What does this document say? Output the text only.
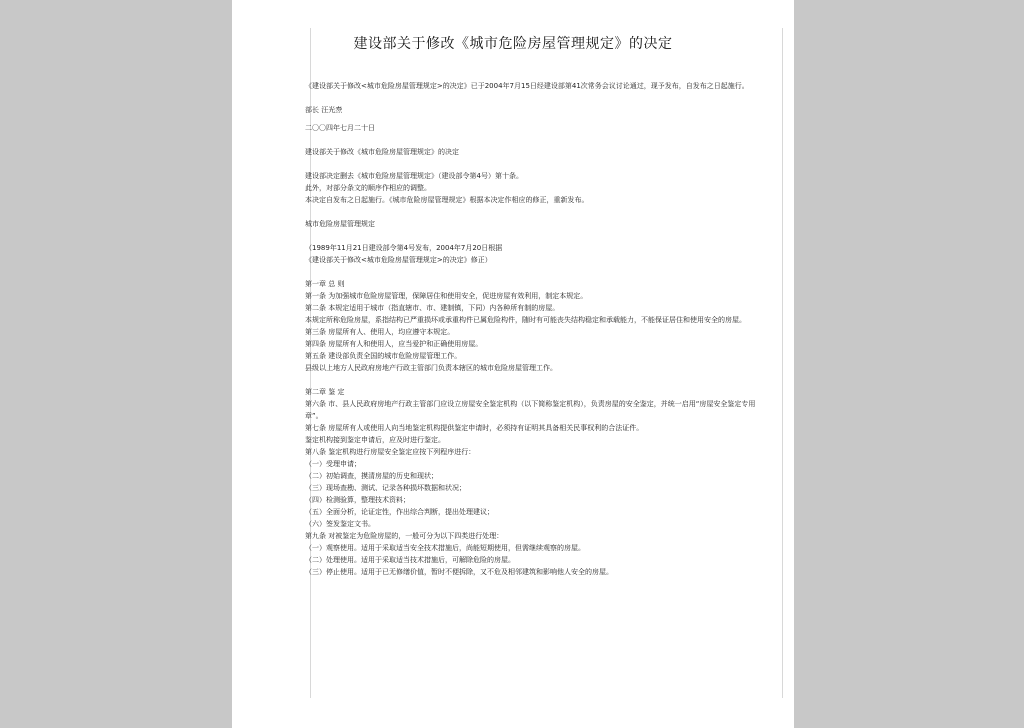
建设部关于修改《城市危险房屋管理规定》的决定

《建设部关于修改<城市危险房屋管理规定>的决定》已于2004年7月15日经建设部第41次常务会议讨论通过，现予发布，自发布之日起施行。

部长 汪光焘

二〇〇四年七月二十日

建设部关于修改《城市危险房屋管理规定》的决定

建设部决定删去《城市危险房屋管理规定》（建设部令第4号）第十条。

此外，对部分条文的顺序作相应的调整。

本决定自发布之日起施行。《城市危险房屋管理规定》根据本决定作相应的修正，重新发布。

城市危险房屋管理规定

（1989年11月21日建设部令第4号发布，2004年7月20日根据

《建设部关于修改<城市危险房屋管理规定>的决定》修正）

第一章 总 则

第一条 为加强城市危险房屋管理，保障居住和使用安全，促进房屋有效利用，制定本规定。

第二条 本规定适用于城市（指直辖市、市、建制镇，下同）内各种所有制的房屋。

本规定所称危险房屋，系指结构已严重损坏或承重构件已属危险构件，随时有可能丧失结构稳定和承载能力，不能保证居住和使用安全的房屋。

第三条 房屋所有人、使用人，均应遵守本规定。

第四条 房屋所有人和使用人，应当爱护和正确使用房屋。

第五条 建设部负责全国的城市危险房屋管理工作。

县级以上地方人民政府房地产行政主管部门负责本辖区的城市危险房屋管理工作。

第二章 鉴 定

第六条 市、县人民政府房地产行政主管部门应设立房屋安全鉴定机构（以下简称鉴定机构），负责房屋的安全鉴定，并统一启用“房屋安全鉴定专用章”。

第七条 房屋所有人或使用人向当地鉴定机构提供鉴定申请时，必须持有证明其具备相关民事权利的合法证件。

鉴定机构接到鉴定申请后，应及时进行鉴定。

第八条 鉴定机构进行房屋安全鉴定应按下列程序进行：

（一）受理申请；

（二）初始调查，摸清房屋的历史和现状；

（三）现场查勘、测试、记录各种损坏数据和状况；

（四）检测验算，整理技术资料；

（五）全面分析，论证定性，作出综合判断，提出处理建议；

（六）签发鉴定文书。

第九条 对被鉴定为危险房屋的，一般可分为以下四类进行处理：

（一）观察使用。适用于采取适当安全技术措施后，尚能短期使用，但需继续观察的房屋。

（二）处理使用。适用于采取适当技术措施后，可解除危险的房屋。

（三）停止使用。适用于已无修缮价值，暂时不便拆除，又不危及相邻建筑和影响他人安全的房屋。
